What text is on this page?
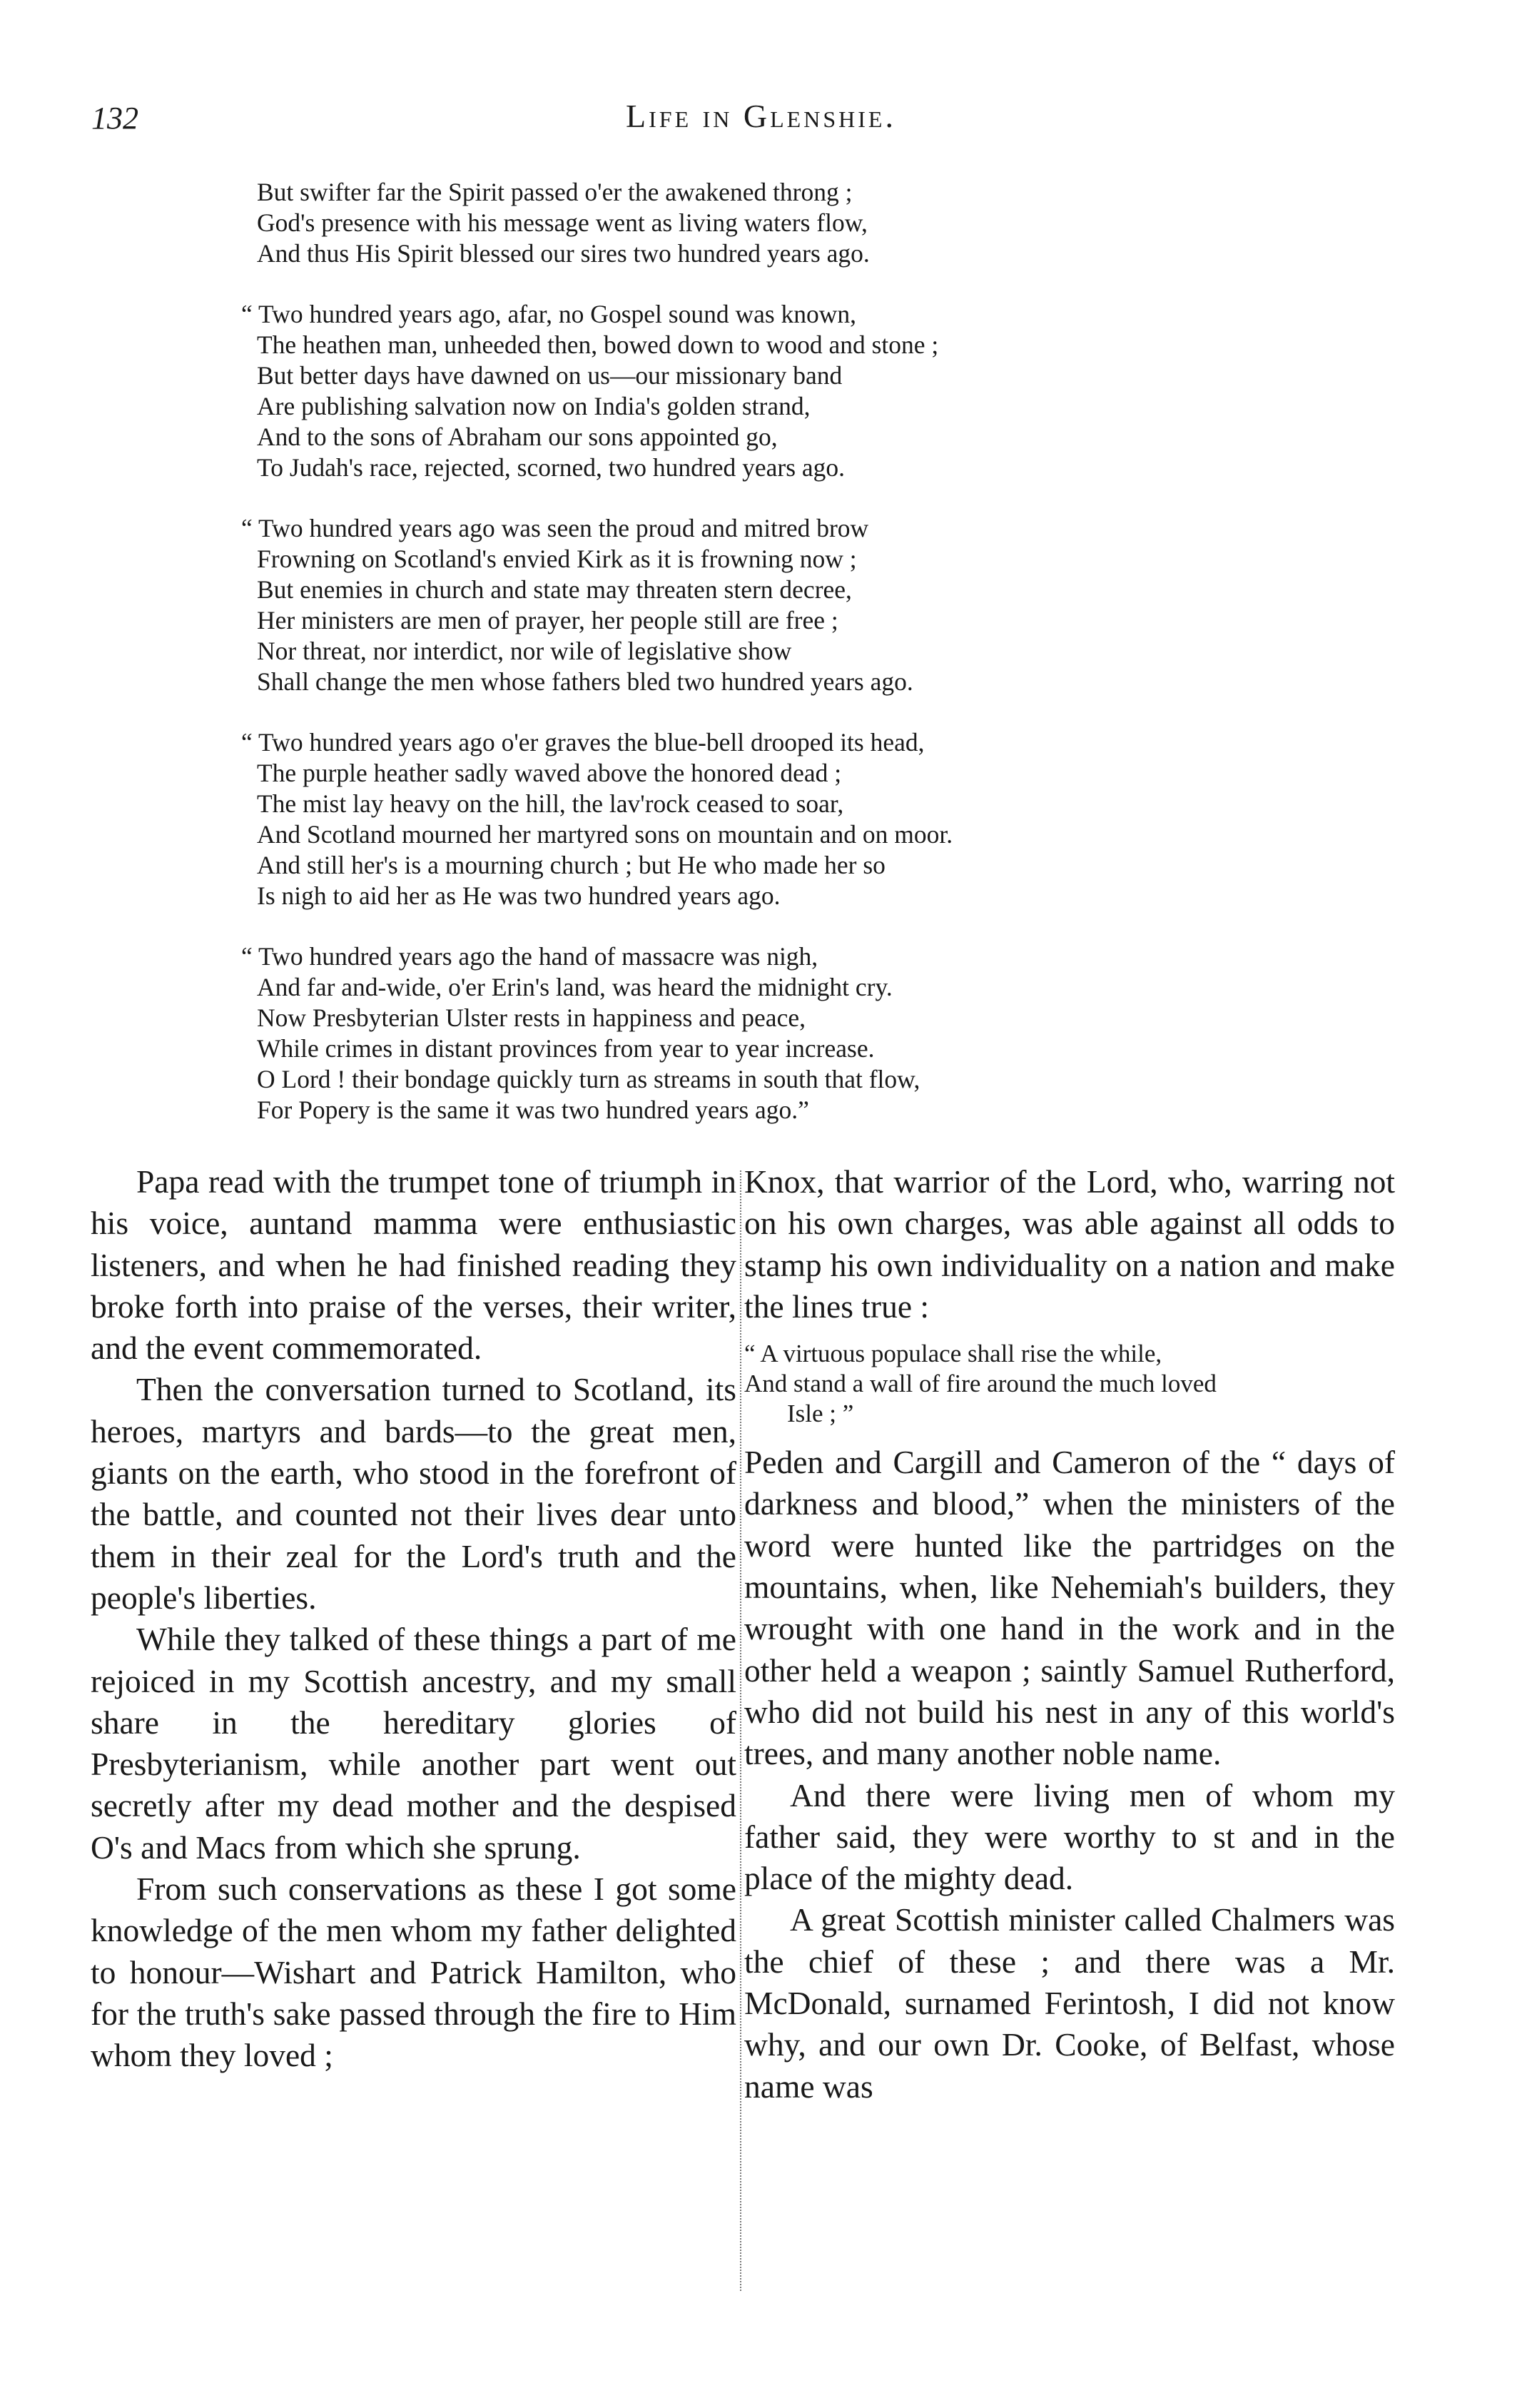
132	Life in Glenshie.
But swifter far the Spirit passed o'er the awakened throng ;
God's presence with his message went as living waters flow,
And thus His Spirit blessed our sires two hundred years ago.
“ Two hundred years ago, afar, no Gospel sound was known,
The heathen man, unheeded then, bowed down to wood and stone ;
But better days have dawned on us—our missionary band
Are publishing salvation now on India's golden strand,
And to the sons of Abraham our sons appointed go,
To Judah's race, rejected, scorned, two hundred years ago.
“ Two hundred years ago was seen the proud and mitred brow
Frowning on Scotland's envied Kirk as it is frowning now ;
But enemies in church and state may threaten stern decree,
Her ministers are men of prayer, her people still are free ;
Nor threat, nor interdict, nor wile of legislative show
Shall change the men whose fathers bled two hundred years ago.
“ Two hundred years ago o'er graves the blue-bell drooped its head,
The purple heather sadly waved above the honored dead ;
The mist lay heavy on the hill, the lav'rock ceased to soar,
And Scotland mourned her martyred sons on mountain and on moor.
And still her's is a mourning church ; but He who made her so
Is nigh to aid her as He was two hundred years ago.
“ Two hundred years ago the hand of massacre was nigh,
And far and-wide, o'er Erin's land, was heard the midnight cry.
Now Presbyterian Ulster rests in happiness and peace,
While crimes in distant provinces from year to year increase.
O Lord ! their bondage quickly turn as streams in south that flow,
For Popery is the same it was two hundred years ago.”

Papa read with the trumpet tone of triumph in his voice, auntand mamma were enthusiastic listeners, and when he had finished reading they broke forth into praise of the verses, their writer, and the event commemorated.

Then the conversation turned to Scotland, its heroes, martyrs and bards—to the great men, giants on the earth, who stood in the forefront of the battle, and counted not their lives dear unto them in their zeal for the Lord's truth and the people's liberties.

While they talked of these things a part of me rejoiced in my Scottish ancestry, and my small share in the hereditary glories of Presbyterianism, while another part went out secretly after my dead mother and the despised O's and Macs from which she sprung.

From such conservations as these I got some knowledge of the men whom my father delighted to honour—Wishart and Patrick Hamilton, who for the truth's sake passed through the fire to Him whom they loved ;

Knox, that warrior of the Lord, who, warring not on his own charges, was able against all odds to stamp his own individuality on a nation and make the lines true :

“ A virtuous populace shall rise the while,
And stand a wall of fire around the much loved
Isle ; ”

Peden and Cargill and Cameron of the “ days of darkness and blood,” when the ministers of the word were hunted like the partridges on the mountains, when, like Nehemiah's builders, they wrought with one hand in the work and in the other held a weapon ; saintly Samuel Rutherford, who did not build his nest in any of this world's trees, and many another noble name.

And there were living men of whom my father said, they were worthy to st and in the place of the mighty dead.

A great Scottish minister called Chalmers was the chief of these ; and there was a Mr. McDonald, surnamed Ferintosh, I did not know why, and our own Dr. Cooke, of Belfast, whose name was
